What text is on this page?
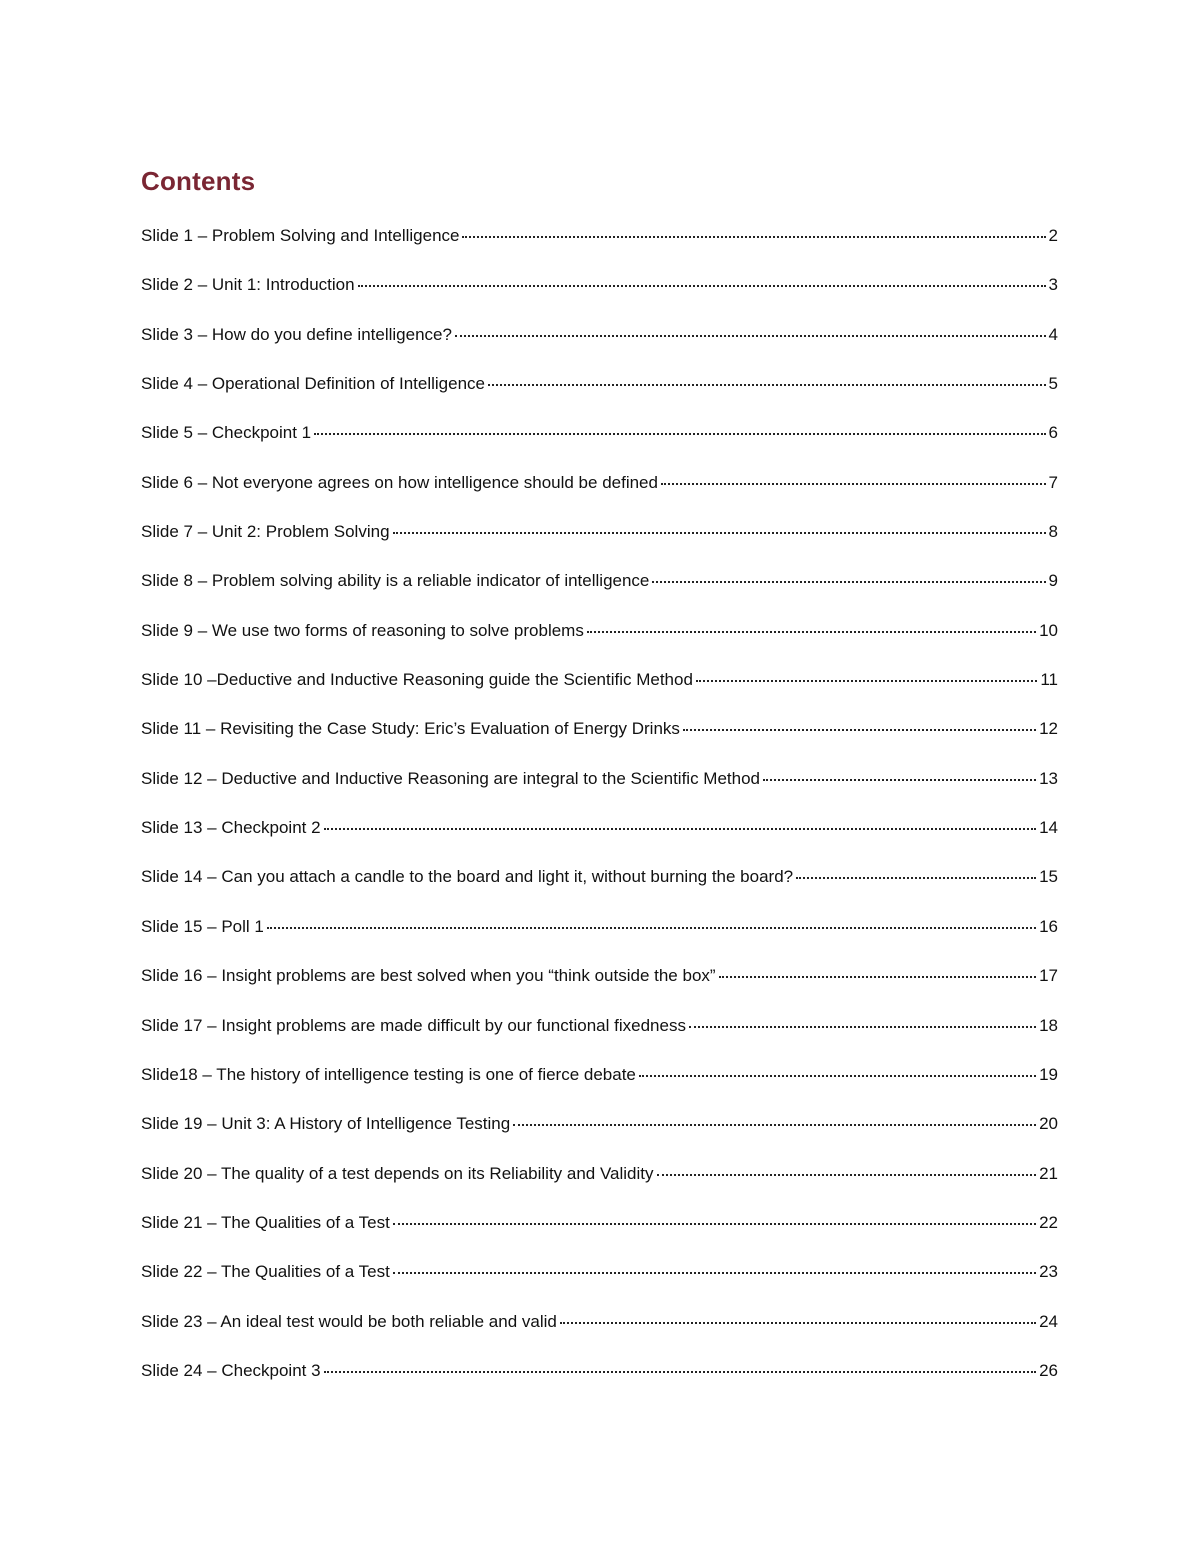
Contents
Slide 1 – Problem Solving and Intelligence	2
Slide 2 – Unit 1: Introduction	3
Slide 3 – How do you define intelligence?	4
Slide 4 – Operational Definition of Intelligence	5
Slide 5 – Checkpoint 1	6
Slide 6 – Not everyone agrees on how intelligence should be defined	7
Slide 7 – Unit 2: Problem Solving	8
Slide 8 – Problem solving ability is a reliable indicator of intelligence	9
Slide 9 – We use two forms of reasoning to solve problems	10
Slide 10 –Deductive and Inductive Reasoning guide the Scientific Method	11
Slide 11 – Revisiting the Case Study: Eric’s Evaluation of Energy Drinks	12
Slide 12 – Deductive and Inductive Reasoning are integral to the Scientific Method	13
Slide 13 – Checkpoint 2	14
Slide 14 – Can you attach a candle to the board and light it, without burning the board?	15
Slide 15 – Poll 1	16
Slide 16 – Insight problems are best solved when you “think outside the box”	17
Slide 17 – Insight problems are made difficult by our functional fixedness	18
Slide18 – The history of intelligence testing is one of fierce debate	19
Slide 19 – Unit 3: A History of Intelligence Testing	20
Slide 20 – The quality of a test depends on its Reliability and Validity	21
Slide 21 – The Qualities of a Test	22
Slide 22 – The Qualities of a Test	23
Slide 23 – An ideal test would be both reliable and valid	24
Slide 24 – Checkpoint 3	26
